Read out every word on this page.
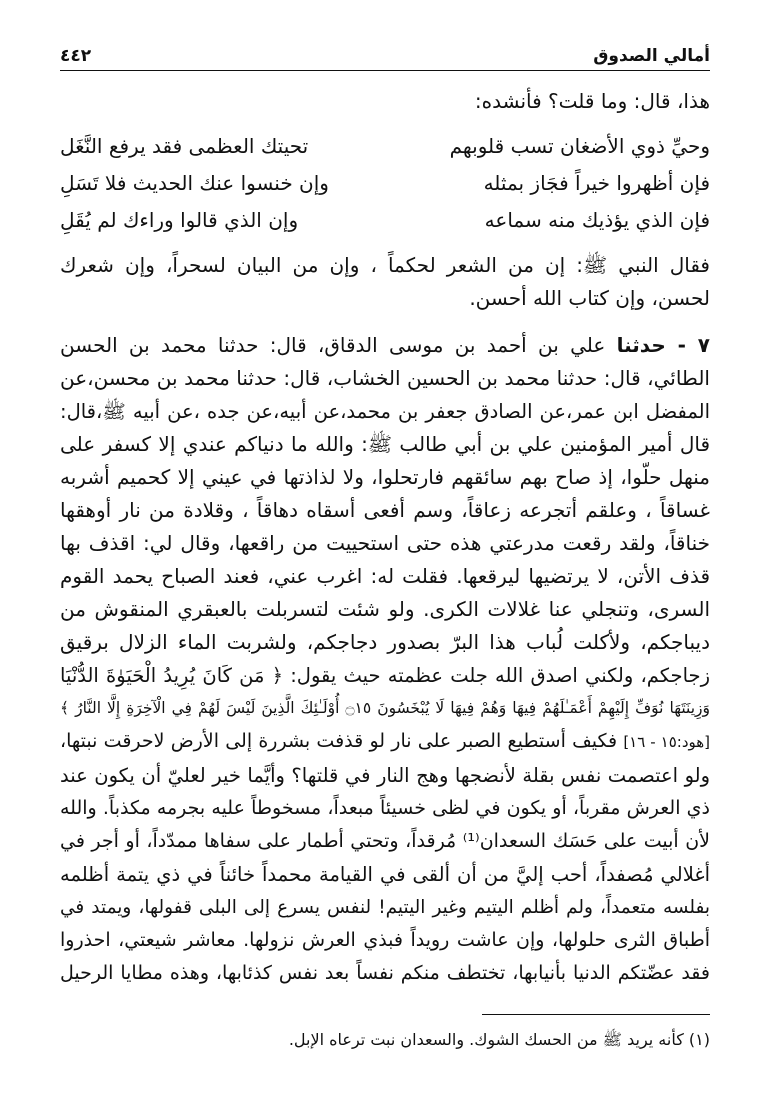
أمالي الصدوق
٤٤٢
هذا، قال: وما قلت؟ فأنشده:
وحيِّ ذوي الأضغان تسب قلوبهم
تحيتك العظمى فقد يرفع النَّغَل
فإن أظهروا خيراً فجَاز بمثله
وإن خنسوا عنك الحديث فلا تَسَلِ
فإن الذي يؤذيك منه سماعه
وإن الذي قالوا وراءك لم يُقَلِ
فقال النبي ﷺ: إن من الشعر لحكماً ، وإن من البيان لسحراً، وإن شعرك
لحسن، وإن كتاب الله أحسن.
٧ - حدثنا علي بن أحمد بن موسى الدقاق، قال: حدثنا محمد بن الحسن
الطائي، قال: حدثنا محمد بن الحسين الخشاب، قال: حدثنا محمد بن محسن،عن
المفضل ابن عمر،عن الصادق جعفر بن محمد،عن أبيه،عن جده ،عن أبيه ﷺ،قال:
قال أمير المؤمنين علي بن أبي طالب ﷺ: والله ما دنياكم عندي إلا كسفر على
منهل حلّوا، إذ صاح بهم سائقهم فارتحلوا، ولا لذاذتها في عيني إلا كحميم أشربه
غساقاً ، وعلقم أتجرعه زعاقاً، وسم أفعى أسقاه دهاقاً ، وقلادة من نار أوهقها
خناقاً، ولقد رقعت مدرعتي هذه حتى استحييت من راقعها، وقال لي: اقذف بها
قذف الأتن، لا يرتضيها ليرقعها. فقلت له: اغرب عني، فعند الصباح يحمد القوم
السرى، وتنجلي عنا غلالات الكرى. ولو شئت لتسربلت بالعبقري المنقوش من
ديباجكم، ولأكلت لُباب هذا البرّ بصدور دجاجكم، ولشربت الماء الزلال برقيق
زجاجكم، ولكني اصدق الله جلت عظمته حيث يقول: ﴿ مَن كَانَ يُرِيدُ الْحَيَوٰةَ الدُّنْيَا
وَزِينَتَهَا نُوَفِّ إِلَيْهِمْ أَعْمَـٰلَهُمْ فِيهَا وَهُمْ فِيهَا لَا يُبْخَسُونَ ۝١٥ أُوْلَـٰئِكَ الَّذِينَ لَيْسَ لَهُمْ فِي الْآخِرَةِ إِلَّا النَّارُ ﴾
[هود:١٥ - ١٦] فكيف أستطيع الصبر على نار لو قذفت بشررة إلى الأرض لاحرقت نبتها،
ولو اعتصمت نفس بقلة لأنضجها وهج النار في قلتها؟ وأيَّما خير لعليّ أن يكون عند
ذي العرش مقرباً، أو يكون في لظى خسيئاً مبعداً، مسخوطاً عليه بجرمه مكذباً. والله
لأن أبيت على حَسَك السعدان⁽¹⁾ مُرقداً، وتحتي أطمار على سفاها ممدّداً، أو أجر في
أغلالي مُصفداً، أحب إليَّ من أن ألقى في القيامة محمداً خائناً في ذي يتمة أظلمه
بفلسه متعمداً، ولم أظلم اليتيم وغير اليتيم! لنفس يسرع إلى البلى قفولها، ويمتد في
أطباق الثرى حلولها، وإن عاشت رويداً فبذي العرش نزولها. معاشر شيعتي، احذروا
فقد عضّتكم الدنيا بأنيابها، تختطف منكم نفساً بعد نفس كذئابها، وهذه مطايا الرحيل
(١) كأنه يريد ﷺ من الحسك الشوك. والسعدان نبت ترعاه الإبل.
